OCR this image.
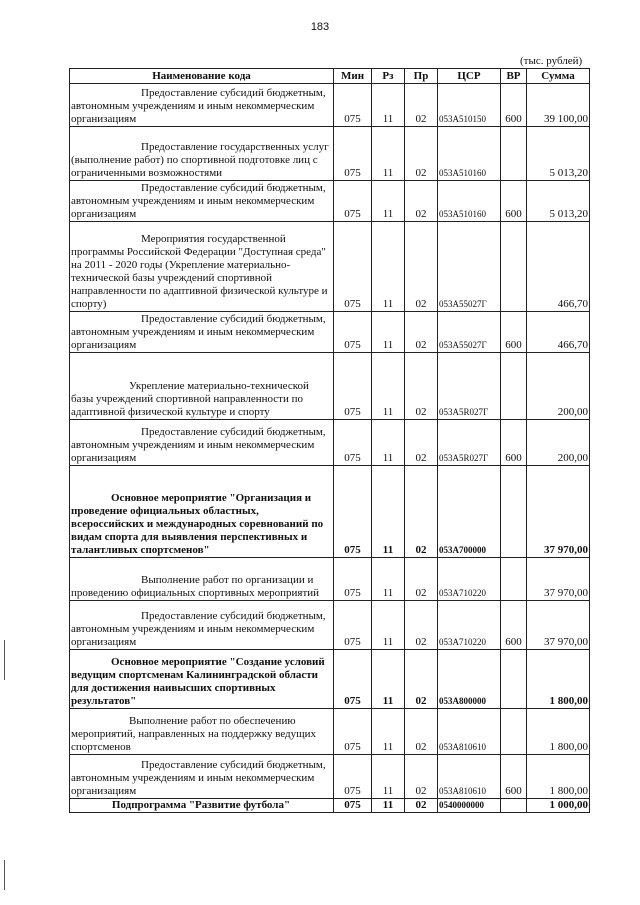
183
(тыс. рублей)
Наименование кода	Мин	Рз	Пр	ЦСР	ВР	Сумма
Предоставление субсидий бюджетным, автономным учреждениям и иным некоммерческим организациям	075	11	02	053A510150	600	39 100,00
Предоставление государственных услуг (выполнение работ) по спортивной подготовке лиц с ограниченными возможностями	075	11	02	053A510160		5 013,20
Предоставление субсидий бюджетным, автономным учреждениям и иным некоммерческим организациям	075	11	02	053A510160	600	5 013,20
Мероприятия государственной программы Российской Федерации "Доступная среда" на 2011 - 2020 годы (Укрепление материально-технической базы учреждений спортивной направленности по адаптивной физической культуре и спорту)	075	11	02	053A55027Г		466,70
Предоставление субсидий бюджетным, автономным учреждениям и иным некоммерческим организациям	075	11	02	053A55027Г	600	466,70
Укрепление материально-технической базы учреждений спортивной направленности по адаптивной физической культуре и спорту	075	11	02	053A5R027Г		200,00
Предоставление субсидий бюджетным, автономным учреждениям и иным некоммерческим организациям	075	11	02	053A5R027Г	600	200,00
Основное мероприятие "Организация и проведение официальных областных, всероссийских и международных соревнований по видам спорта для выявления перспективных и талантливых спортсменов"	075	11	02	053A700000		37 970,00
Выполнение работ по организации и проведению официальных спортивных мероприятий	075	11	02	053A710220		37 970,00
Предоставление субсидий бюджетным, автономным учреждениям и иным некоммерческим организациям	075	11	02	053A710220	600	37 970,00
Основное мероприятие "Создание условий ведущим спортсменам Калининградской области для достижения наивысших спортивных результатов"	075	11	02	053A800000		1 800,00
Выполнение работ по обеспечению мероприятий, направленных на поддержку ведущих спортсменов	075	11	02	053A810610		1 800,00
Предоставление субсидий бюджетным, автономным учреждениям и иным некоммерческим организациям	075	11	02	053A810610	600	1 800,00
Подпрограмма "Развитие футбола"	075	11	02	0540000000		1 000,00
